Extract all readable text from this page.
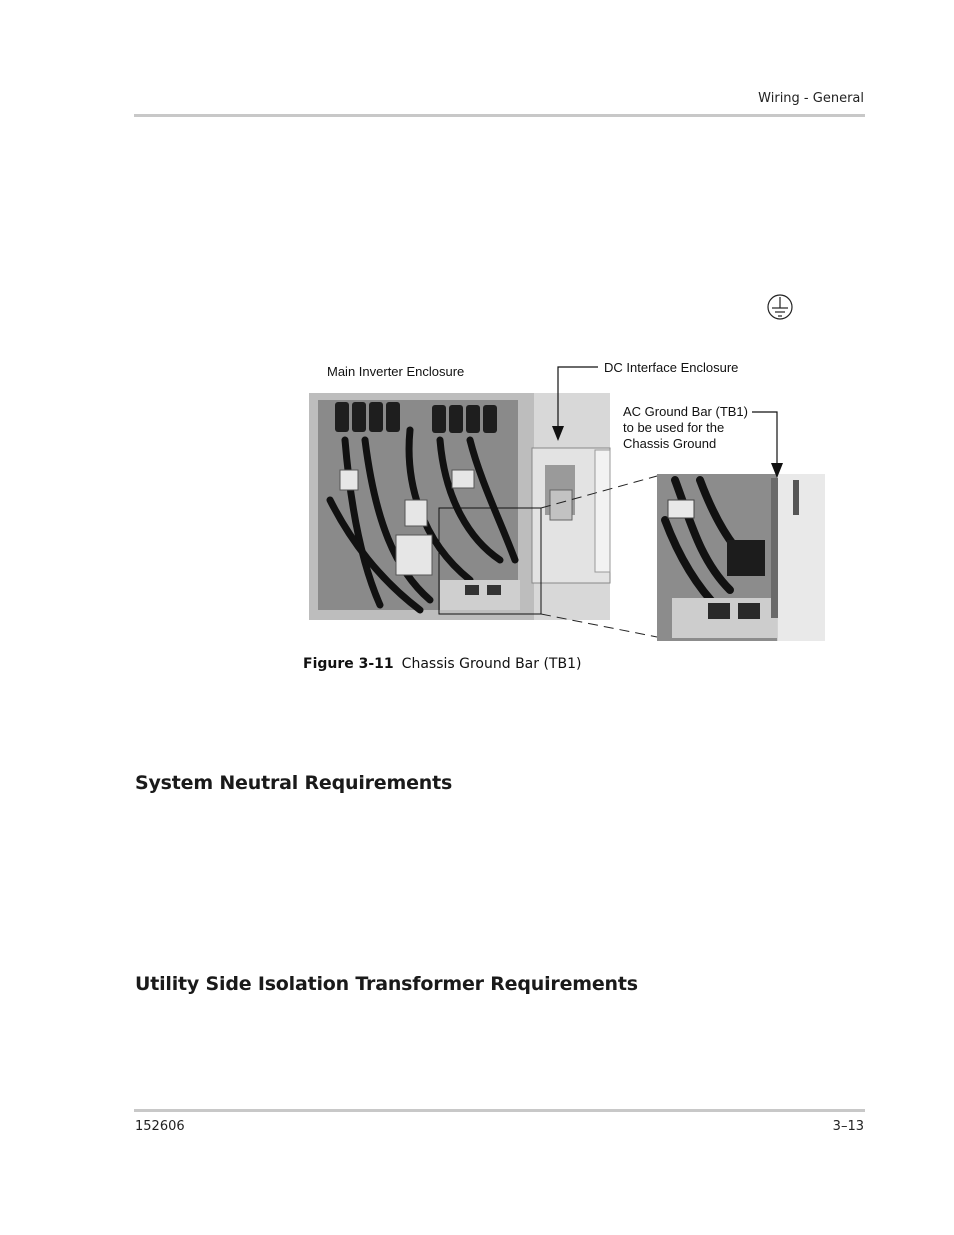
Wiring - General
Main Inverter Enclosure	DC Interface Enclosure
AC Ground Bar (TB1)
to be used for the
Chassis Ground
Figure 3-11 Chassis Ground Bar (TB1)
System Neutral Requirements
Utility Side Isolation Transformer Requirements
152606	3–13
